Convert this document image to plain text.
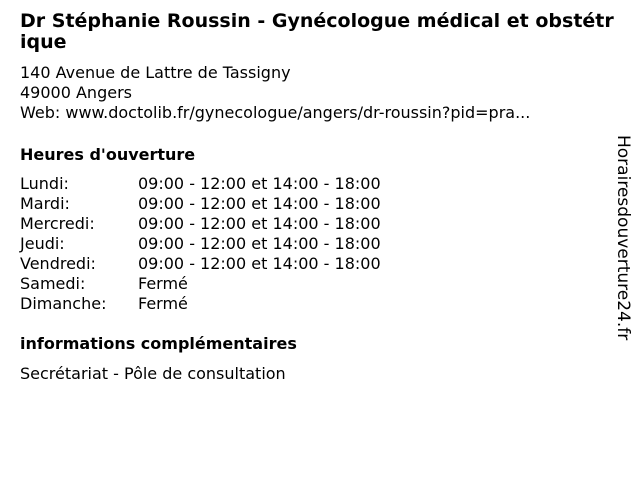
Dr Stéphanie Roussin - Gynécologue médical et obstétrique
140 Avenue de Lattre de Tassigny
49000 Angers
Web: www.doctolib.fr/gynecologue/angers/dr-roussin?pid=pra...
Heures d'ouverture
Lundi:	09:00 - 12:00 et 14:00 - 18:00
Mardi:	09:00 - 12:00 et 14:00 - 18:00
Mercredi:	09:00 - 12:00 et 14:00 - 18:00
Jeudi:	09:00 - 12:00 et 14:00 - 18:00
Vendredi:	09:00 - 12:00 et 14:00 - 18:00
Samedi:	Fermé
Dimanche:	Fermé
informations complémentaires
Secrétariat - Pôle de consultation
Horairesdouverture24.fr
